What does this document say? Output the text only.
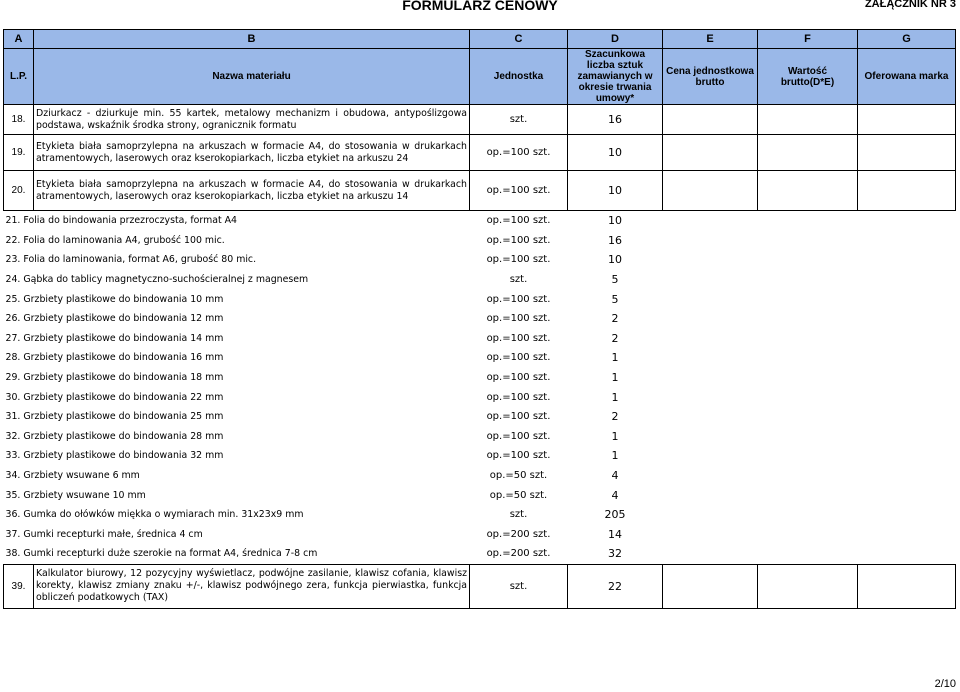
FORMULARZ CENOWY	ZAŁĄCZNIK NR 3
A	B	C	D	E	F	G
L.P.	Nazwa materiału	Jednostka	Szacunkowa liczba sztuk zamawianych w okresie trwania umowy*	Cena jednostkowa brutto	Wartość brutto(D*E)	Oferowana marka
18.	Dziurkacz - dziurkuje min. 55 kartek, metalowy mechanizm i obudowa, antypoślizgowa podstawa, wskaźnik środka strony, ogranicznik formatu	szt.	16			
19.	Etykieta biała samoprzylepna na arkuszach w formacie A4, do stosowania w drukarkach atramentowych, laserowych oraz kserokopiarkach, liczba etykiet na arkuszu 24	op.=100 szt.	10			
20.	Etykieta biała samoprzylepna na arkuszach w formacie A4, do stosowania w drukarkach atramentowych, laserowych oraz kserokopiarkach, liczba etykiet na arkuszu 14	op.=100 szt.	10			
21. Folia do bindowania przezroczysta, format A4		op.=100 szt.	10			
22. Folia do laminowania A4, grubość 100 mic.		op.=100 szt.	16			
23. Folia do laminowania, format A6, grubość 80 mic.		op.=100 szt.	10			
24. Gąbka do tablicy magnetyczno-suchościeralnej z magnesem		szt.	5			
25. Grzbiety plastikowe do bindowania 10 mm		op.=100 szt.	5			
26. Grzbiety plastikowe do bindowania 12 mm		op.=100 szt.	2			
27. Grzbiety plastikowe do bindowania 14 mm		op.=100 szt.	2			
28. Grzbiety plastikowe do bindowania 16 mm		op.=100 szt.	1			
29. Grzbiety plastikowe do bindowania 18 mm		op.=100 szt.	1			
30. Grzbiety plastikowe do bindowania 22 mm		op.=100 szt.	1			
31. Grzbiety plastikowe do bindowania 25 mm		op.=100 szt.	2			
32. Grzbiety plastikowe do bindowania 28 mm		op.=100 szt.	1			
33. Grzbiety plastikowe do bindowania 32 mm		op.=100 szt.	1			
34. Grzbiety wsuwane 6 mm		op.=50 szt.	4			
35. Grzbiety wsuwane 10 mm		op.=50 szt.	4			
36. Gumka do ołówków miękka o wymiarach min. 31x23x9 mm		szt.	205			
37. Gumki recepturki małe, średnica 4 cm		op.=200 szt.	14			
38. Gumki recepturki duże szerokie na format A4, średnica 7-8 cm		op.=200 szt.	32			
39.	Kalkulator biurowy, 12 pozycyjny wyświetlacz, podwójne zasilanie, klawisz cofania, klawisz korekty, klawisz zmiany znaku +/-, klawisz podwójnego zera, funkcja pierwiastka, funkcja obliczeń podatkowych (TAX)	szt.	22			
2/10
